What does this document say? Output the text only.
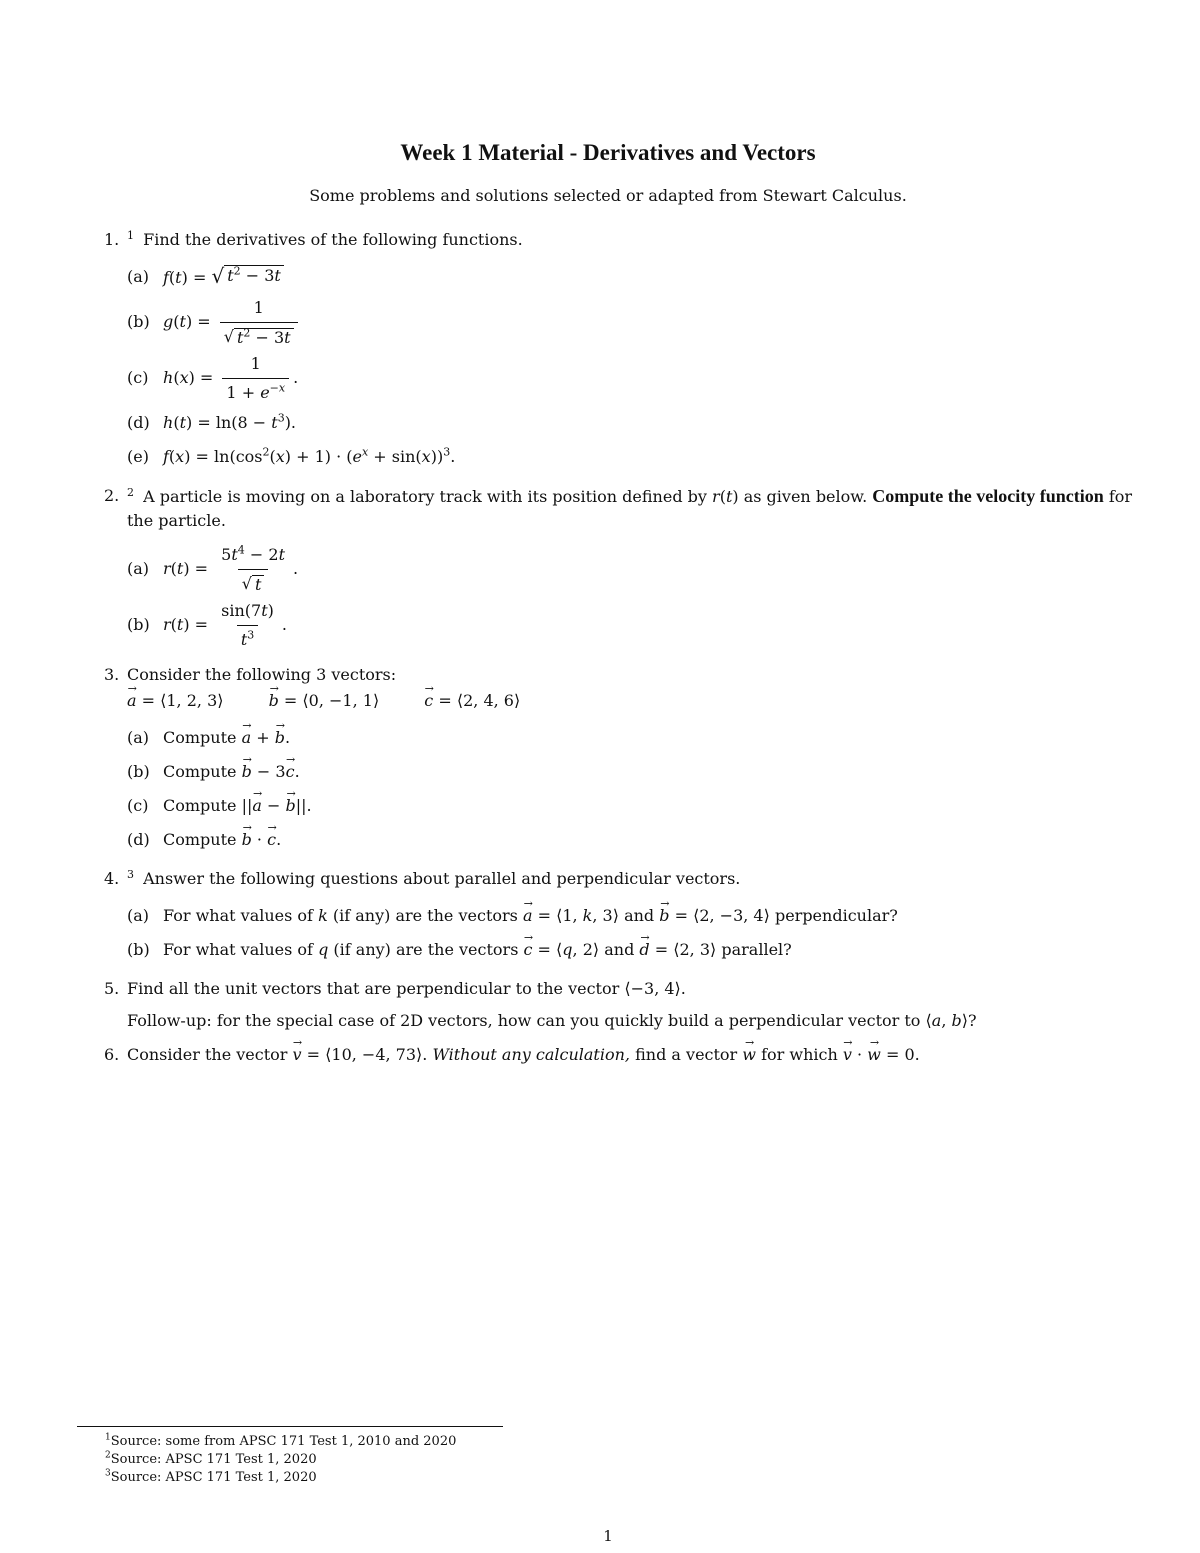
Week 1 Material - Derivatives and Vectors
Some problems and solutions selected or adapted from Stewart Calculus.
1. $^1$ Find the derivatives of the following functions.
(a) f(t) = √ $t^2 - 3t$
(b) $g(t) = \frac{1}{√ t^2 - 3t}$
(c) $h(x) = \frac{1}{1 + e^{-x}}$ .
(d) $h(t) = \ln(8 - t^3)$.
(e) $f(x) = \ln(\cos^2(x) + 1) \cdot (e^x + \sin(x))^3$.
2. $^2$ A particle is moving on a laboratory track with its position defined by r(t) as given below. Compute the velocity function for the particle.
(a) $r(t) = \frac{5t^4 - 2t}{√ t}$ .
(b) $r(t) = \frac{\sin(7t)}{t^3}$ .
3. Consider the following 3 vectors:
→ a = ⟨1, 2, 3⟩	→ b = ⟨0, −1, 1⟩	→ c = ⟨2, 4, 6⟩
(a) Compute
→ a + → b.
(b) Compute
→ b − 3→ c.
(c) Compute
||→ a − → b||.
(d) Compute
→ b · → c.
4. $^3$ Answer the following questions about parallel and perpendicular vectors.
(a) For what values of
k
(if any) are the vectors
→ a = ⟨1, k, 3⟩
and
→ b = ⟨2, −3, 4⟩
perpendicular?
(b) For what values of
q
(if any) are the vectors
→ c = ⟨q, 2⟩
and
→ d = ⟨2, 3⟩
parallel?
5. Find all the unit vectors that are perpendicular to the vector ⟨−3, 4⟩.
Follow-up: for the special case of 2D vectors, how can you quickly build a perpendicular vector to ⟨a, b⟩?
6. Consider the vector → v = ⟨10, −4, 73⟩. Without any calculation, find a vector → w for which → v · → w = 0.
$^1$Source: some from APSC 171 Test 1, 2010 and 2020
$^2$Source: APSC 171 Test 1, 2020
$^3$Source: APSC 171 Test 1, 2020
1
